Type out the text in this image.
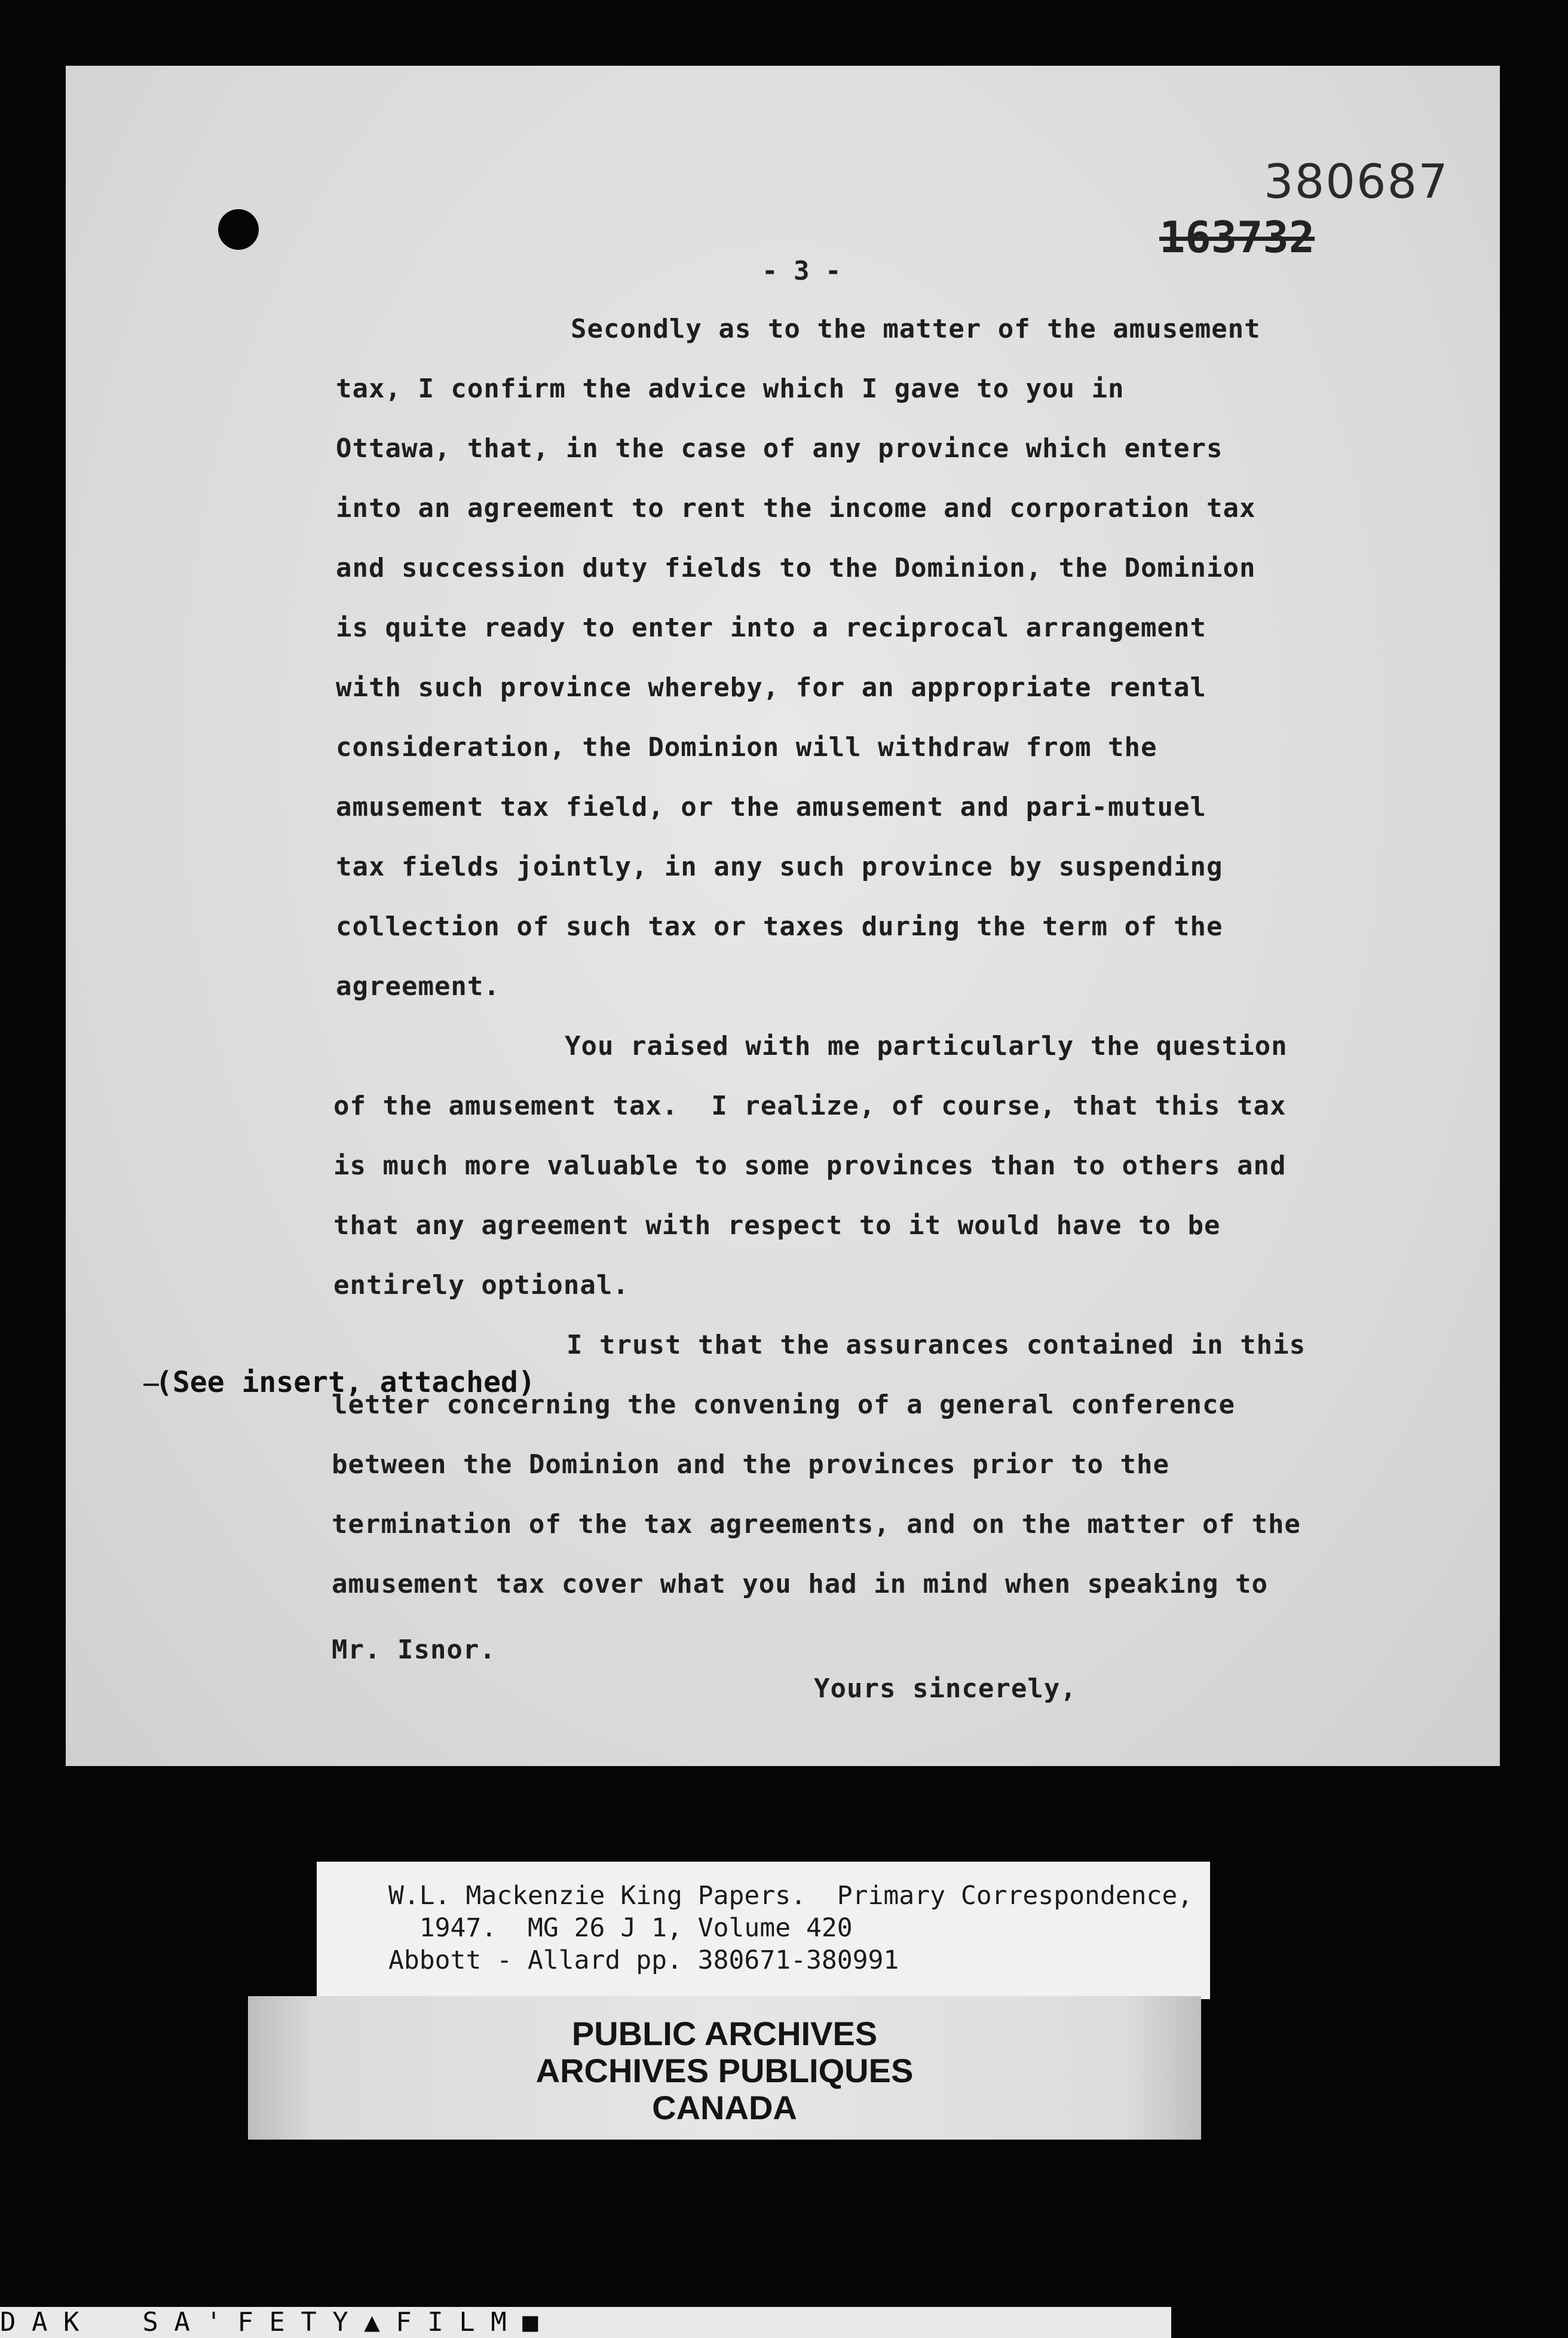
380687
163732
- 3 -
Secondly as to the matter of the amusement
tax, I confirm the advice which I gave to you in
Ottawa, that, in the case of any province which enters
into an agreement to rent the income and corporation tax
and succession duty fields to the Dominion, the Dominion
is quite ready to enter into a reciprocal arrangement
with such province whereby, for an appropriate rental
consideration, the Dominion will withdraw from the
amusement tax field, or the amusement and pari-mutuel
tax fields jointly, in any such province by suspending
collection of such tax or taxes during the term of the
agreement.
You raised with me particularly the question
of the amusement tax.  I realize, of course, that this tax
is much more valuable to some provinces than to others and
that any agreement with respect to it would have to be
entirely optional.
(See insert, attached)
I trust that the assurances contained in this
letter concerning the convening of a general conference
between the Dominion and the provinces prior to the
termination of the tax agreements, and on the matter of the
amusement tax cover what you had in mind when speaking to
Mr. Isnor.
Yours sincerely,
W.L. Mackenzie King Papers.  Primary Correspondence,
1947.  MG 26 J 1, Volume 420
Abbott - Allard pp. 380671-380991
PUBLIC ARCHIVES
ARCHIVES PUBLIQUES
CANADA
D A K    S A ' F E T Y ▲ F I L M ■
